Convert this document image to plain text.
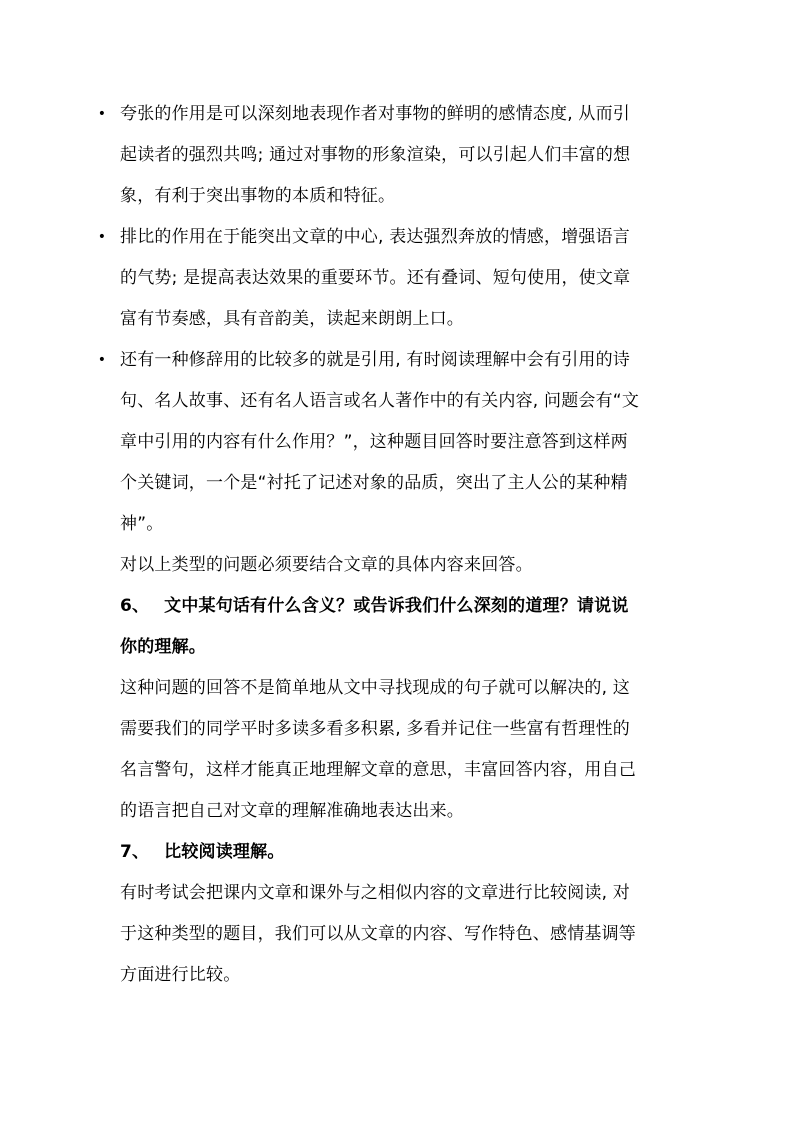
• 夸张的作用是可以深刻地表现作者对事物的鲜明的感情态度, 从而引
起读者的强烈共鸣; 通过对事物的形象渲染，可以引起人们丰富的想
象，有利于突出事物的本质和特征。
• 排比的作用在于能突出文章的中心, 表达强烈奔放的情感，增强语言
的气势; 是提高表达效果的重要环节。还有叠词、短句使用，使文章
富有节奏感，具有音韵美，读起来朗朗上口。
• 还有一种修辞用的比较多的就是引用, 有时阅读理解中会有引用的诗
句、名人故事、还有名人语言或名人著作中的有关内容, 问题会有“文
章中引用的内容有什么作用？”，这种题目回答时要注意答到这样两
个关键词，一个是“衬托了记述对象的品质，突出了主人公的某种精
神”。
对以上类型的问题必须要结合文章的具体内容来回答。
6、 文中某句话有什么含义？或告诉我们什么深刻的道理？请说说
你的理解。
这种问题的回答不是简单地从文中寻找现成的句子就可以解决的, 这
需要我们的同学平时多读多看多积累, 多看并记住一些富有哲理性的
名言警句，这样才能真正地理解文章的意思，丰富回答内容，用自己
的语言把自己对文章的理解准确地表达出来。
7、 比较阅读理解。
有时考试会把课内文章和课外与之相似内容的文章进行比较阅读, 对
于这种类型的题目，我们可以从文章的内容、写作特色、感情基调等
方面进行比较。
